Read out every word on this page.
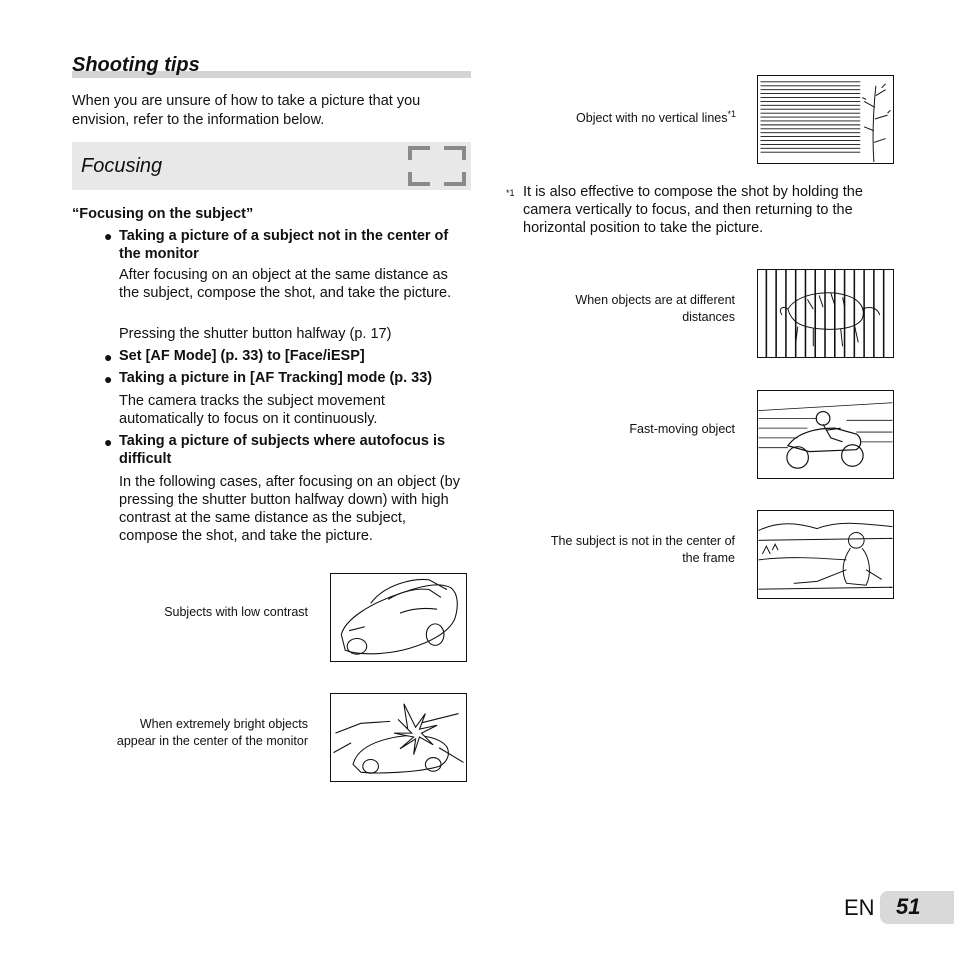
Shooting tips

When you are unsure of how to take a picture that you envision, refer to the information below.

Focusing
“Focusing on the subject”
● Taking a picture of a subject not in the center of the monitor
After focusing on an object at the same distance as the subject, compose the shot, and take the picture.
Pressing the shutter button halfway (p. 17)
● Set [AF Mode] (p. 33) to [Face/iESP]
● Taking a picture in [AF Tracking] mode (p. 33)
The camera tracks the subject movement automatically to focus on it continuously.
● Taking a picture of subjects where autofocus is difficult
In the following cases, after focusing on an object (by pressing the shutter button halfway down) with high contrast at the same distance as the subject, compose the shot, and take the picture.
Subjects with low contrast
When extremely bright objects
appear in the center of the monitor
Object with no vertical lines$^{*1}$
*1 It is also effective to compose the shot by holding the camera vertically to focus, and then returning to the horizontal position to take the picture.
When objects are at different
distances
Fast-moving object
The subject is not in the center of
the frame
EN 51
